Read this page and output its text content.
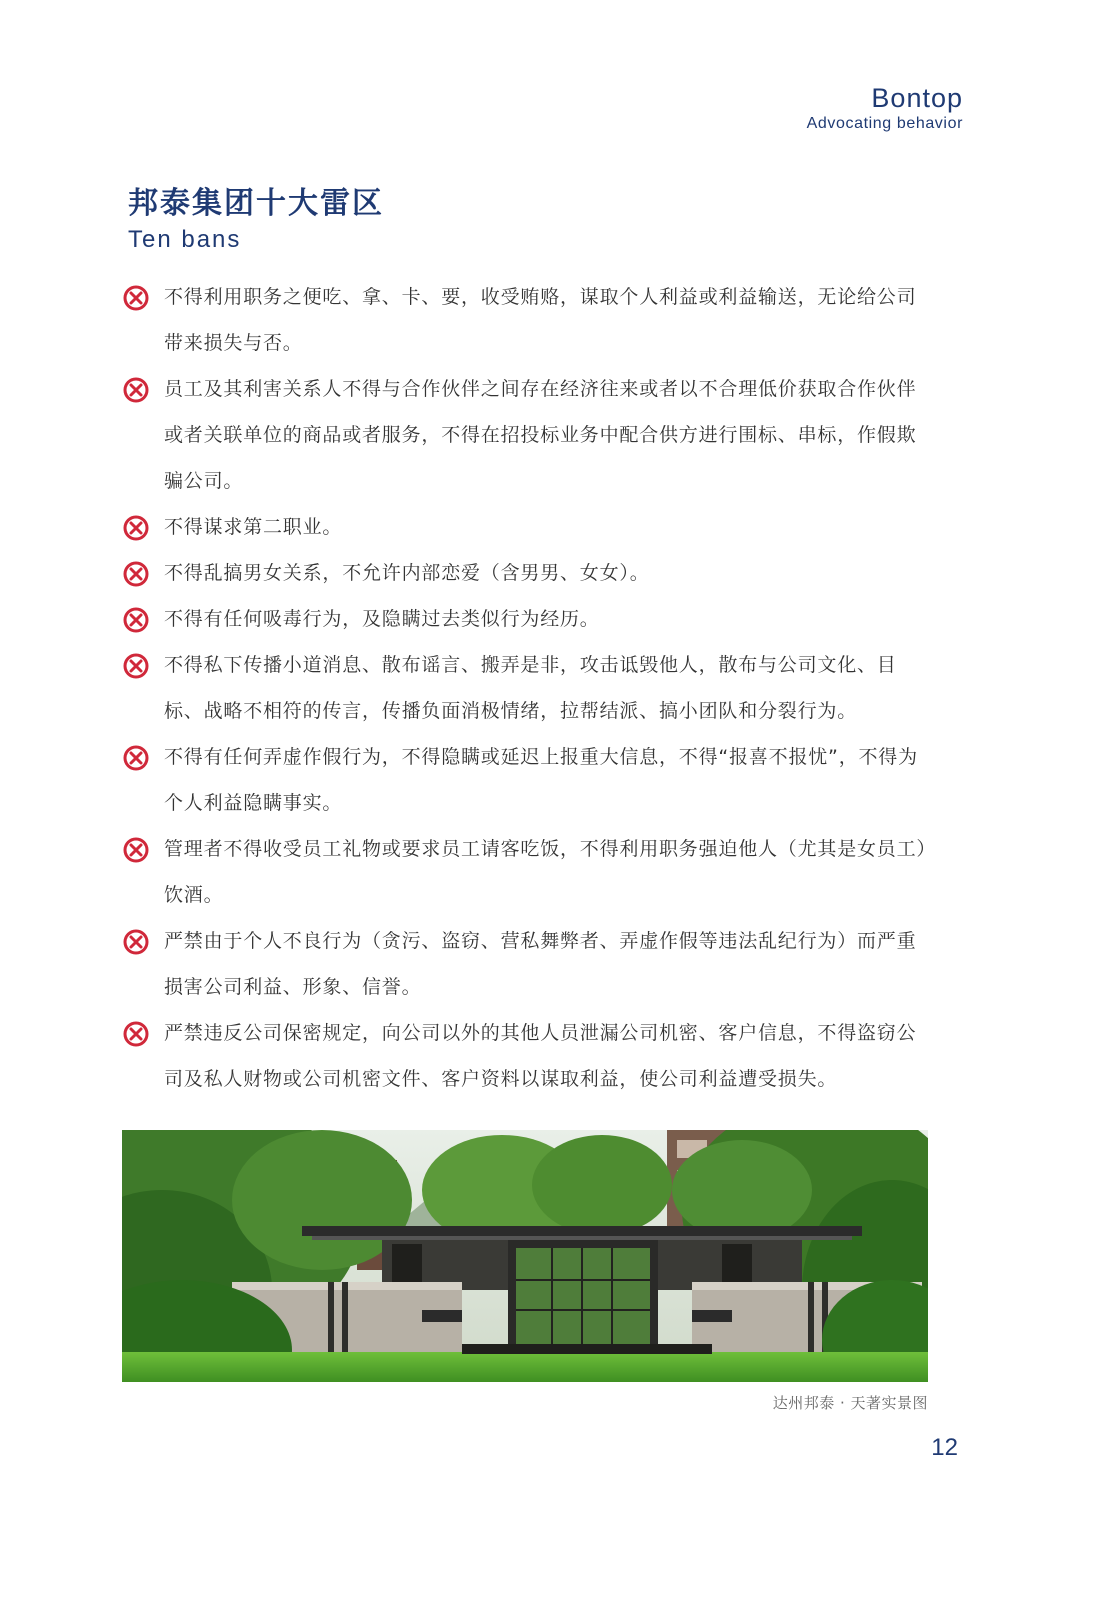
Bontop
Advocating behavior
邦泰集团十大雷区
Ten bans
不得利用职务之便吃、拿、卡、要，收受贿赂，谋取个人利益或利益输送，无论给公司带来损失与否。
员工及其利害关系人不得与合作伙伴之间存在经济往来或者以不合理低价获取合作伙伴或者关联单位的商品或者服务，不得在招投标业务中配合供方进行围标、串标，作假欺骗公司。
不得谋求第二职业。
不得乱搞男女关系，不允许内部恋爱（含男男、女女）。
不得有任何吸毒行为，及隐瞒过去类似行为经历。
不得私下传播小道消息、散布谣言、搬弄是非，攻击诋毁他人，散布与公司文化、目标、战略不相符的传言，传播负面消极情绪，拉帮结派、搞小团队和分裂行为。
不得有任何弄虚作假行为，不得隐瞒或延迟上报重大信息，不得“报喜不报忧”，不得为个人利益隐瞒事实。
管理者不得收受员工礼物或要求员工请客吃饭，不得利用职务强迫他人（尤其是女员工）饮酒。
严禁由于个人不良行为（贪污、盗窃、营私舞弊者、弄虚作假等违法乱纪行为）而严重损害公司利益、形象、信誉。
严禁违反公司保密规定，向公司以外的其他人员泄漏公司机密、客户信息，不得盗窃公司及私人财物或公司机密文件、客户资料以谋取利益，使公司利益遭受损失。
达州邦泰 · 天著实景图
12
